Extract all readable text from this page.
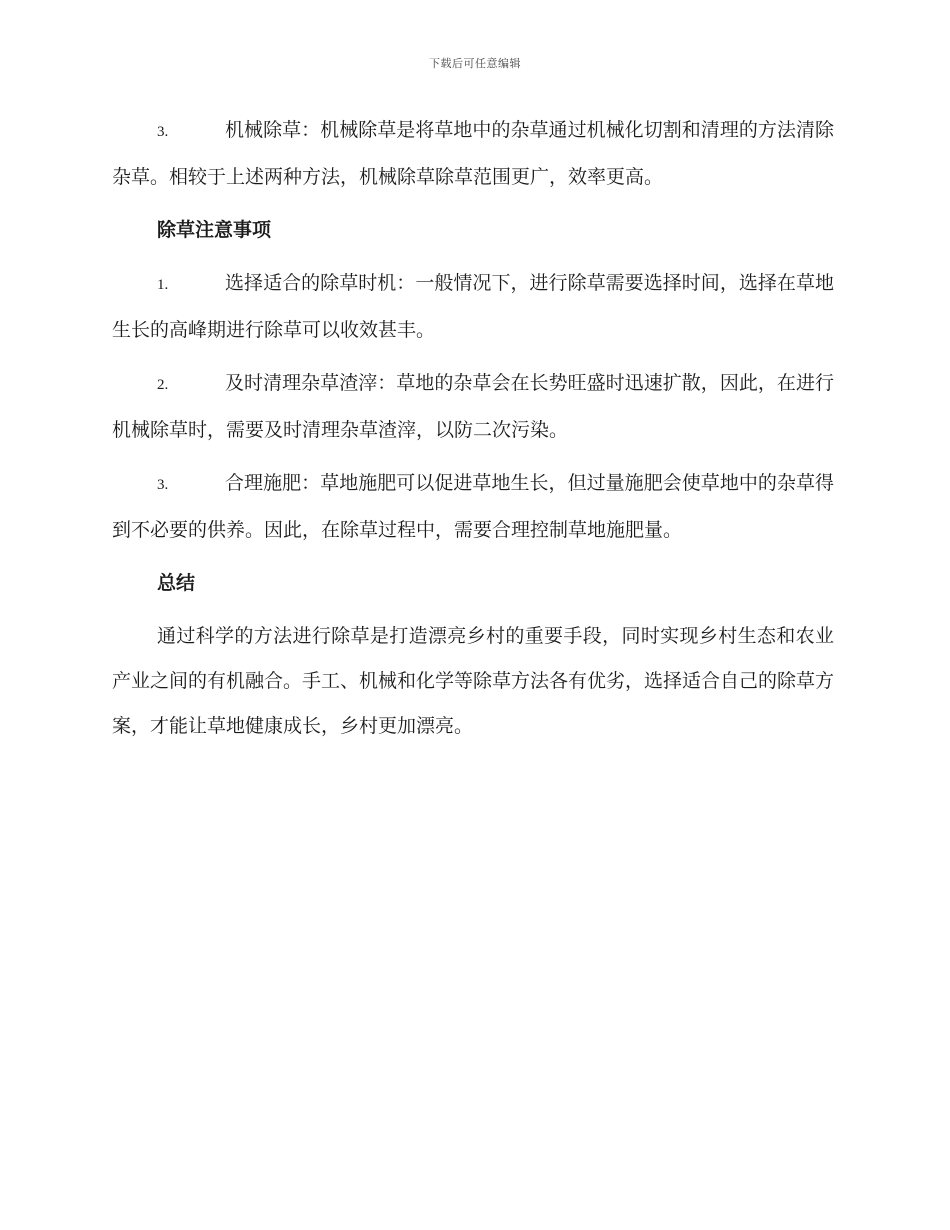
下载后可任意编辑

3.	机械除草：机械除草是将草地中的杂草通过机械化切割和清理的方法清除杂草。相较于上述两种方法，机械除草除草范围更广，效率更高。

除草注意事项

1.	选择适合的除草时机：一般情况下，进行除草需要选择时间，选择在草地生长的高峰期进行除草可以收效甚丰。

2.	及时清理杂草渣滓：草地的杂草会在长势旺盛时迅速扩散，因此，在进行机械除草时，需要及时清理杂草渣滓，以防二次污染。

3.	合理施肥：草地施肥可以促进草地生长，但过量施肥会使草地中的杂草得到不必要的供养。因此，在除草过程中，需要合理控制草地施肥量。

总结

通过科学的方法进行除草是打造漂亮乡村的重要手段，同时实现乡村生态和农业产业之间的有机融合。手工、机械和化学等除草方法各有优劣，选择适合自己的除草方案，才能让草地健康成长，乡村更加漂亮。
